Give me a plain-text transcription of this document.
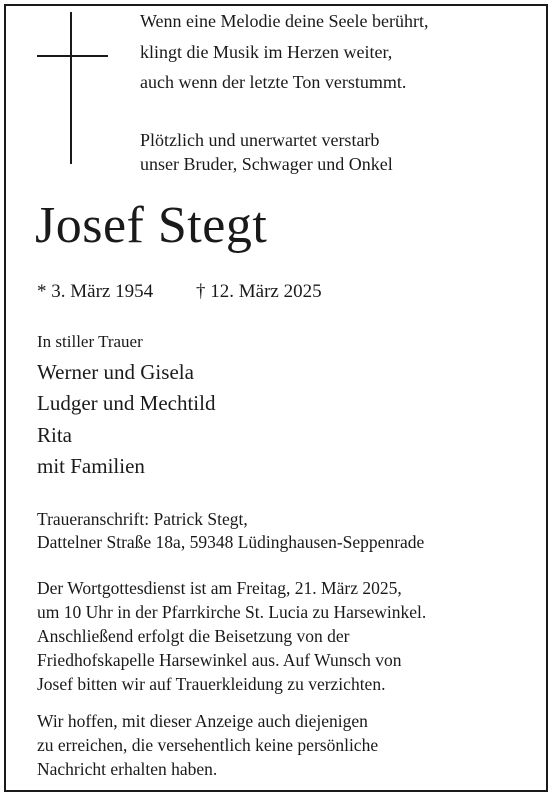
Wenn eine Melodie deine Seele berührt,
klingt die Musik im Herzen weiter,
auch wenn der letzte Ton verstummt.
Plötzlich und unerwartet verstarb
unser Bruder, Schwager und Onkel
Josef Stegt
* 3. März 1954 † 12. März 2025
In stiller Trauer
Werner und Gisela
Ludger und Mechtild
Rita
mit Familien
Traueranschrift: Patrick Stegt,
Dattelner Straße 18a, 59348 Lüdinghausen-Seppenrade
Der Wortgottesdienst ist am Freitag, 21. März 2025,
um 10 Uhr in der Pfarrkirche St. Lucia zu Harsewinkel.
Anschließend erfolgt die Beisetzung von der
Friedhofskapelle Harsewinkel aus. Auf Wunsch von
Josef bitten wir auf Trauerkleidung zu verzichten.
Wir hoffen, mit dieser Anzeige auch diejenigen
zu erreichen, die versehentlich keine persönliche
Nachricht erhalten haben.
